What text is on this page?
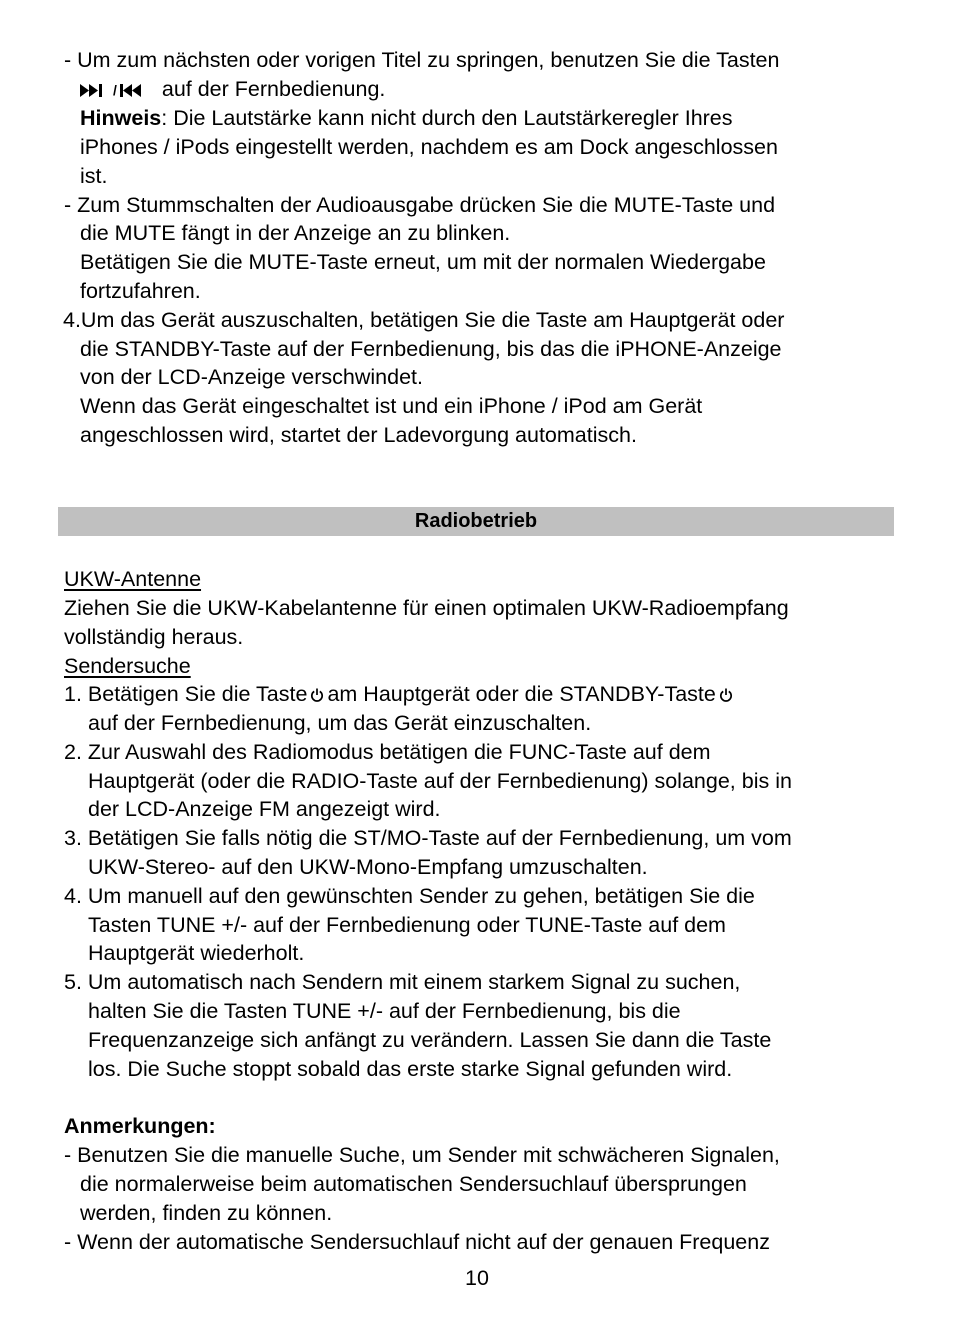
- Um zum nächsten oder vorigen Titel zu springen, benutzen Sie die Tasten

/ auf der Fernbedienung.

Hinweis: Die Lautstärke kann nicht durch den Lautstärkeregler Ihres

iPhones / iPods eingestellt werden, nachdem es am Dock angeschlossen

ist.

- Zum Stummschalten der Audioausgabe drücken Sie die MUTE-Taste und

die MUTE fängt in der Anzeige an zu blinken.

Betätigen Sie die MUTE-Taste erneut, um mit der normalen Wiedergabe

fortzufahren.

4.Um das Gerät auszuschalten, betätigen Sie die Taste am Hauptgerät oder

die STANDBY-Taste auf der Fernbedienung, bis das die iPHONE-Anzeige

von der LCD-Anzeige verschwindet.

Wenn das Gerät eingeschaltet ist und ein iPhone / iPod am Gerät

angeschlossen wird, startet der Ladevorgung automatisch.

Radiobetrieb

UKW-Antenne

Ziehen Sie die UKW-Kabelantenne für einen optimalen UKW-Radioempfang

vollständig heraus.

Sendersuche

1. Betätigen Sie die Taste am Hauptgerät oder die STANDBY-Taste

auf der Fernbedienung, um das Gerät einzuschalten.

2. Zur Auswahl des Radiomodus betätigen die FUNC-Taste auf dem

Hauptgerät (oder die RADIO-Taste auf der Fernbedienung) solange, bis in

der LCD-Anzeige FM angezeigt wird.

3. Betätigen Sie falls nötig die ST/MO-Taste auf der Fernbedienung, um vom

UKW-Stereo- auf den UKW-Mono-Empfang umzuschalten.

4. Um manuell auf den gewünschten Sender zu gehen, betätigen Sie die

Tasten TUNE +/- auf der Fernbedienung oder TUNE-Taste auf dem

Hauptgerät wiederholt.

5. Um automatisch nach Sendern mit einem starkem Signal zu suchen,

halten Sie die Tasten TUNE +/- auf der Fernbedienung, bis die

Frequenzanzeige sich anfängt zu verändern. Lassen Sie dann die Taste

los. Die Suche stoppt sobald das erste starke Signal gefunden wird.

Anmerkungen:

- Benutzen Sie die manuelle Suche, um Sender mit schwächeren Signalen,

die normalerweise beim automatischen Sendersuchlauf übersprungen

werden, finden zu können.

- Wenn der automatische Sendersuchlauf nicht auf der genauen Frequenz

10
